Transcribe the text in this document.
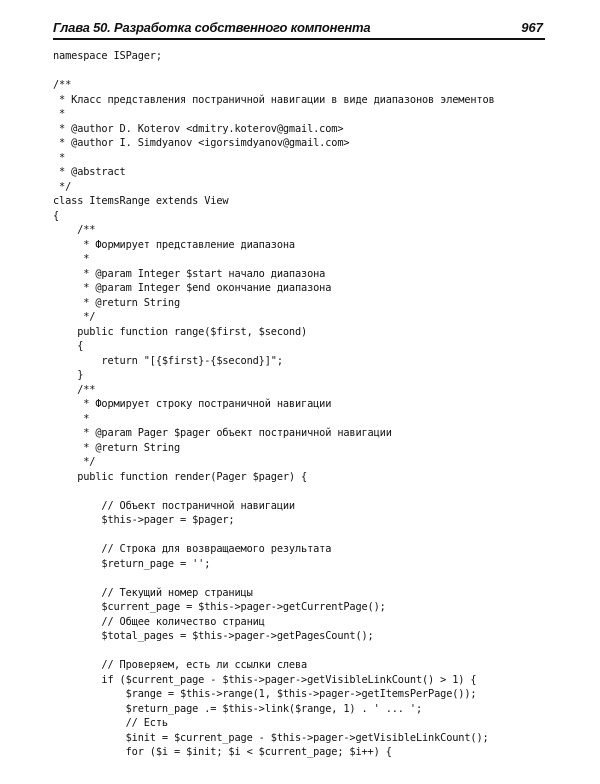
Глава 50. Разработка собственного компонента	967
namespace ISPager;
/**
* Класс представления постраничной навигации в виде диапазонов элементов
*
* @author D. Koterov <dmitry.koterov@gmail.com>
* @author I. Simdyanov <igorsimdyanov@gmail.com>
*
* @abstract
*/
class ItemsRange extends View
{
/**
* Формирует представление диапазона
*
* @param Integer $start начало диапазона
* @param Integer $end окончание диапазона
* @return String
*/
public function range($first, $second)
{
return "[{$first}-{$second}]";
}
/**
* Формирует строку постраничной навигации
*
* @param Pager $pager объект постраничной навигации
* @return String
*/
public function render(Pager $pager) {
// Объект постраничной навигации
$this->pager = $pager;
// Строка для возвращаемого результата
$return_page = '';
// Текущий номер страницы
$current_page = $this->pager->getCurrentPage();
// Общее количество страниц
$total_pages = $this->pager->getPagesCount();
// Проверяем, есть ли ссылки слева
if ($current_page - $this->pager->getVisibleLinkCount() > 1) {
$range = $this->range(1, $this->pager->getItemsPerPage());
$return_page .= $this->link($range, 1) . ' ... ';
// Есть
$init = $current_page - $this->pager->getVisibleLinkCount();
for ($i = $init; $i < $current_page; $i++) {
